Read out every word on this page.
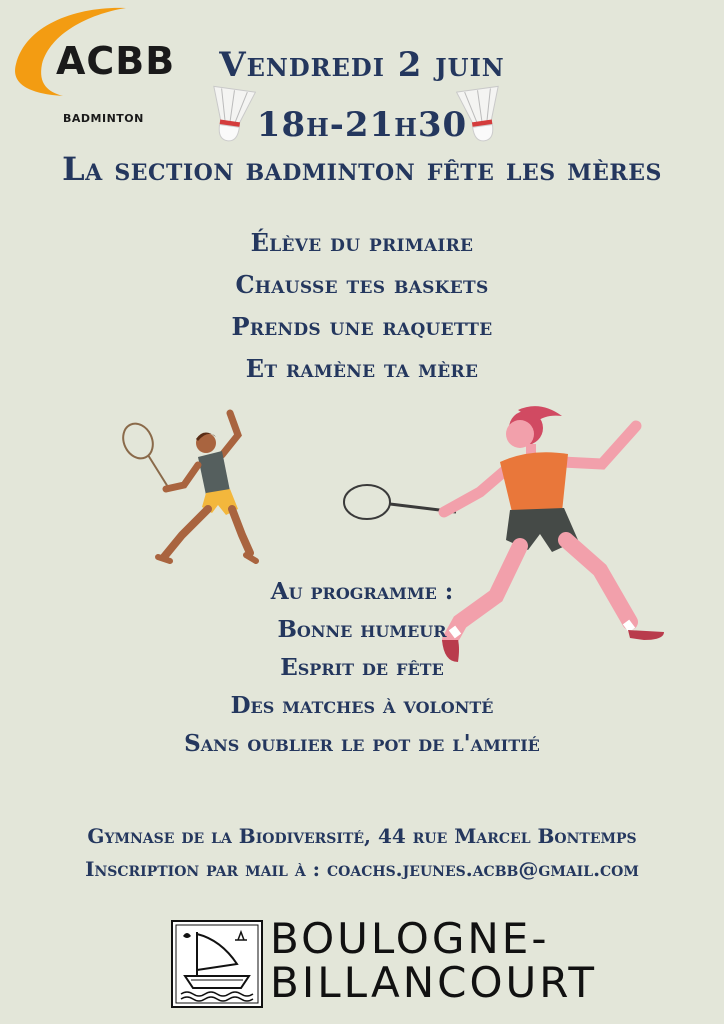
ACBB
BADMINTON
Vendredi 2 juin
18h-21h30
La section badminton fête les mères
Élève du primaire
Chausse tes baskets
Prends une raquette
Et ramène ta mère
Au programme :
Bonne humeur
Esprit de fête
Des matches à volonté
Sans oublier le pot de l'amitié
Gymnase de la Biodiversité, 44 rue Marcel Bontemps
Inscription par mail à : coachs.jeunes.acbb@gmail.com
BOULOGNE-
BILLANCOURT
